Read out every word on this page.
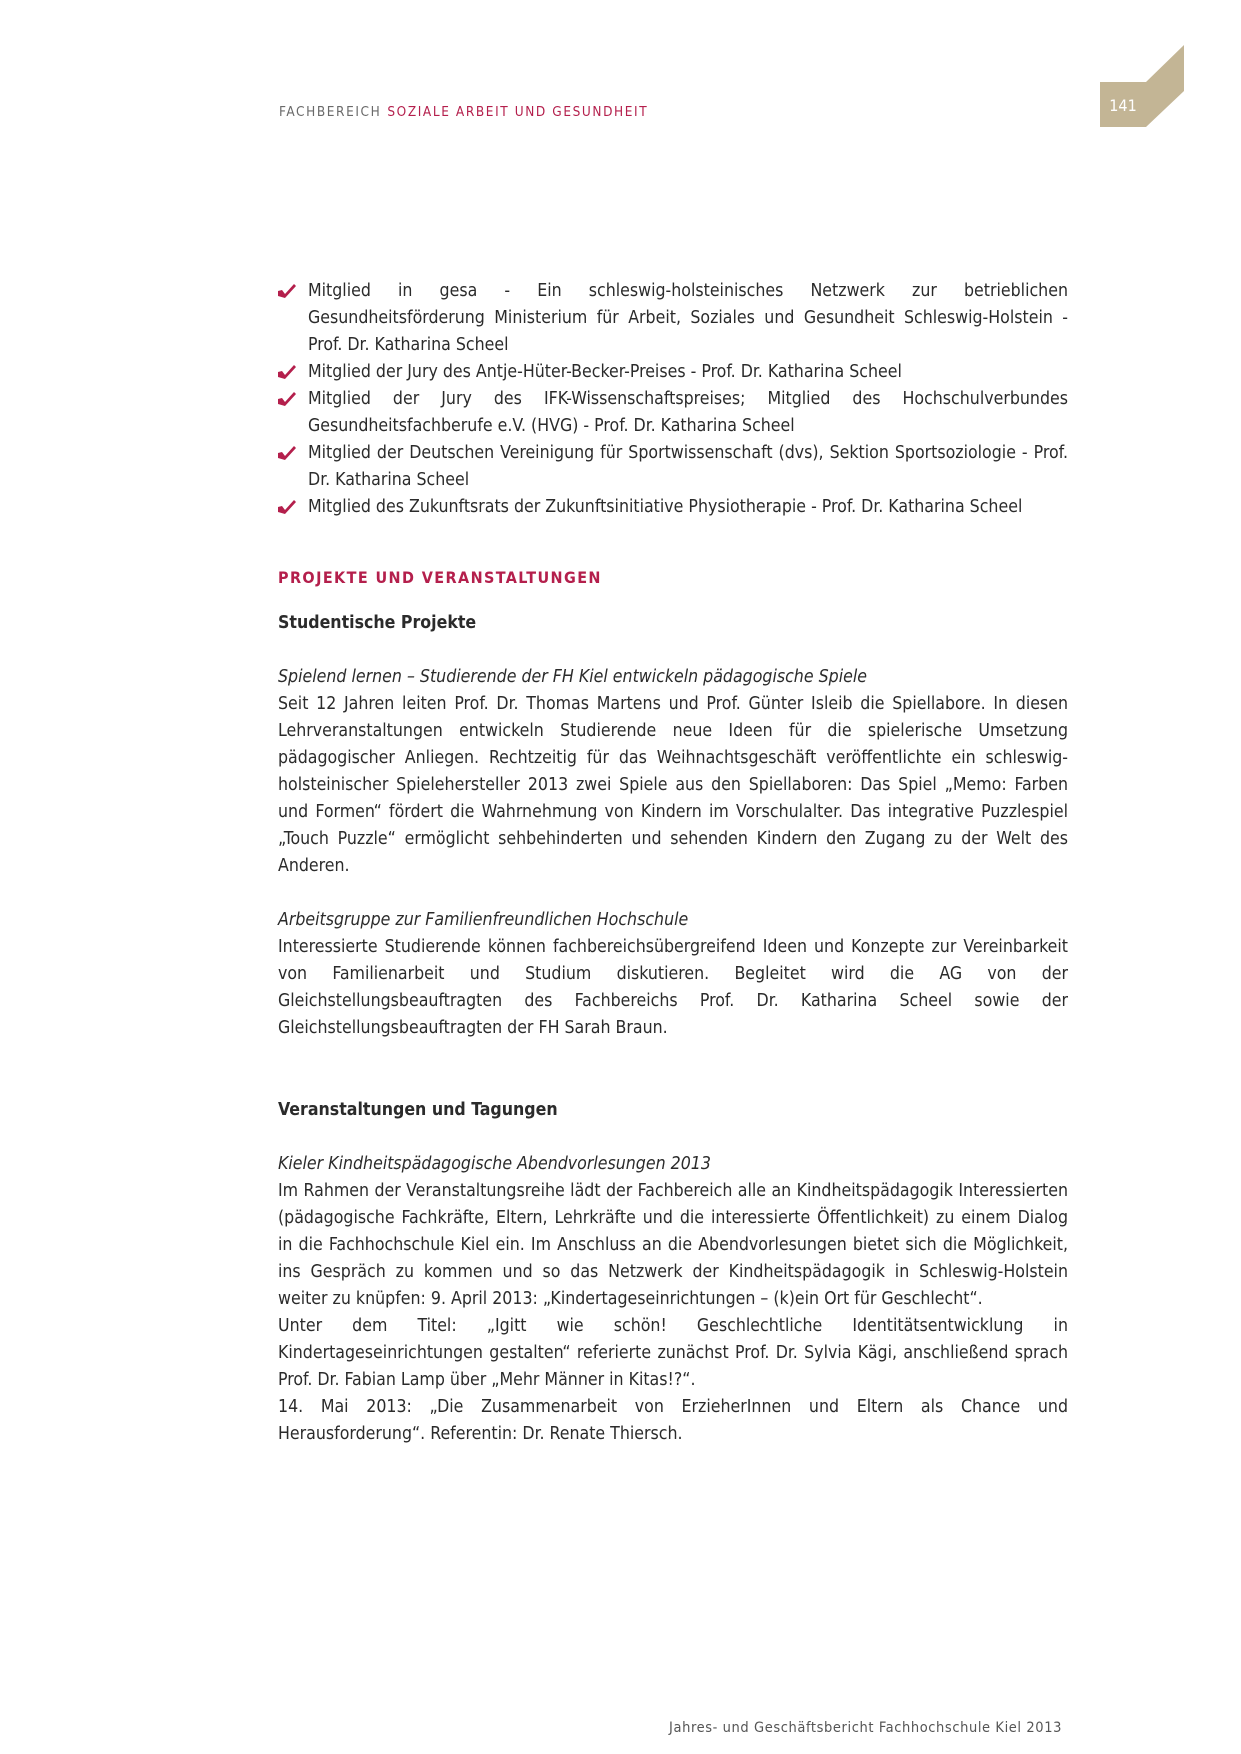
FACHBEREICH SOZIALE ARBEIT UND GESUNDHEIT	141
Mitglied in gesa - Ein schleswig-holsteinisches Netzwerk zur betrieblichen Gesundheitsförderung Ministerium für Arbeit, Soziales und Gesundheit Schleswig-Holstein - Prof. Dr. Katharina Scheel
Mitglied der Jury des Antje-Hüter-Becker-Preises - Prof. Dr. Katharina Scheel
Mitglied der Jury des IFK-Wissenschaftspreises; Mitglied des Hochschulverbundes Gesundheitsfachberufe e.V. (HVG) - Prof. Dr. Katharina Scheel
Mitglied der Deutschen Vereinigung für Sportwissenschaft (dvs), Sektion Sportsoziologie - Prof. Dr. Katharina Scheel
Mitglied des Zukunftsrats der Zukunftsinitiative Physiotherapie - Prof. Dr. Katharina Scheel
PROJEKTE UND VERANSTALTUNGEN
Studentische Projekte
Spielend lernen – Studierende der FH Kiel entwickeln pädagogische Spiele

Seit 12 Jahren leiten Prof. Dr. Thomas Martens und Prof. Günter Isleib die Spiellabore. In diesen Lehrveranstaltungen entwickeln Studierende neue Ideen für die spielerische Umsetzung pädagogischer Anliegen. Rechtzeitig für das Weihnachtsgeschäft veröffentlichte ein schleswig-holsteinischer Spielehersteller 2013 zwei Spiele aus den Spiellaboren: Das Spiel „Memo: Farben und Formen“ fördert die Wahrnehmung von Kindern im Vorschulalter. Das integrative Puzzlespiel „Touch Puzzle“ ermöglicht sehbehinderten und sehenden Kindern den Zugang zu der Welt des Anderen.

Arbeitsgruppe zur Familienfreundlichen Hochschule

Interessierte Studierende können fachbereichsübergreifend Ideen und Konzepte zur Vereinbarkeit von Familienarbeit und Studium diskutieren. Begleitet wird die AG von der Gleichstellungsbeauftragten des Fachbereichs Prof. Dr. Katharina Scheel sowie der Gleichstellungsbeauftragten der FH Sarah Braun.

Veranstaltungen und Tagungen
Kieler Kindheitspädagogische Abendvorlesungen 2013

Im Rahmen der Veranstaltungsreihe lädt der Fachbereich alle an Kindheitspädagogik Interessierten (pädagogische Fachkräfte, Eltern, Lehrkräfte und die interessierte Öffentlichkeit) zu einem Dialog in die Fachhochschule Kiel ein. Im Anschluss an die Abendvorlesungen bietet sich die Möglichkeit, ins Gespräch zu kommen und so das Netzwerk der Kindheitspädagogik in Schleswig-Holstein weiter zu knüpfen: 9. April 2013: „Kindertageseinrichtungen – (k)ein Ort für Geschlecht“.

Unter dem Titel: „Igitt wie schön! Geschlechtliche Identitätsentwicklung in Kindertageseinrichtungen gestalten“ referierte zunächst Prof. Dr. Sylvia Kägi, anschließend sprach Prof. Dr. Fabian Lamp über „Mehr Männer in Kitas!?“.

14. Mai 2013: „Die Zusammenarbeit von ErzieherInnen und Eltern als Chance und Herausforderung“. Referentin: Dr. Renate Thiersch.

Jahres- und Geschäftsbericht Fachhochschule Kiel 2013
